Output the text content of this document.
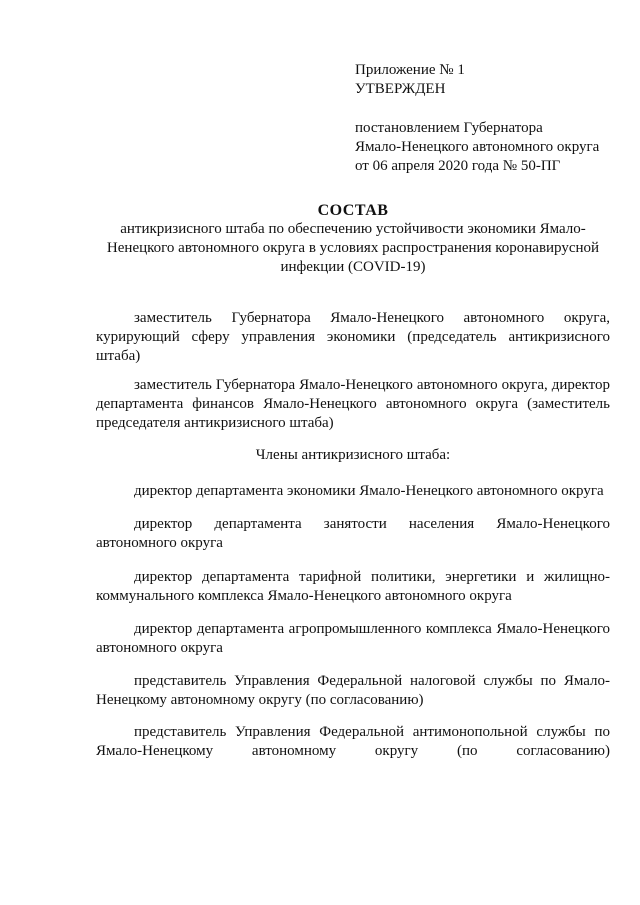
Приложение № 1
УТВЕРЖДЕН
постановлением Губернатора
Ямало-Ненецкого автономного округа
от 06 апреля 2020 года № 50-ПГ
СОСТАВ
антикризисного штаба по обеспечению устойчивости экономики Ямало-Ненецкого автономного округа в условиях распространения коронавирусной инфекции (COVID-19)
заместитель Губернатора Ямало-Ненецкого автономного округа, курирующий сферу управления экономики (председатель антикризисного штаба)
заместитель Губернатора Ямало-Ненецкого автономного округа, директор департамента финансов Ямало-Ненецкого автономного округа (заместитель председателя антикризисного штаба)
Члены антикризисного штаба:
директор департамента экономики Ямало-Ненецкого автономного округа
директор департамента занятости населения Ямало-Ненецкого автономного округа
директор департамента тарифной политики, энергетики и жилищно-коммунального комплекса Ямало-Ненецкого автономного округа
директор департамента агропромышленного комплекса Ямало-Ненецкого автономного округа
представитель Управления Федеральной налоговой службы по Ямало-Ненецкому автономному округу (по согласованию)
представитель Управления Федеральной антимонопольной службы по Ямало-Ненецкому автономному округу (по согласованию)
